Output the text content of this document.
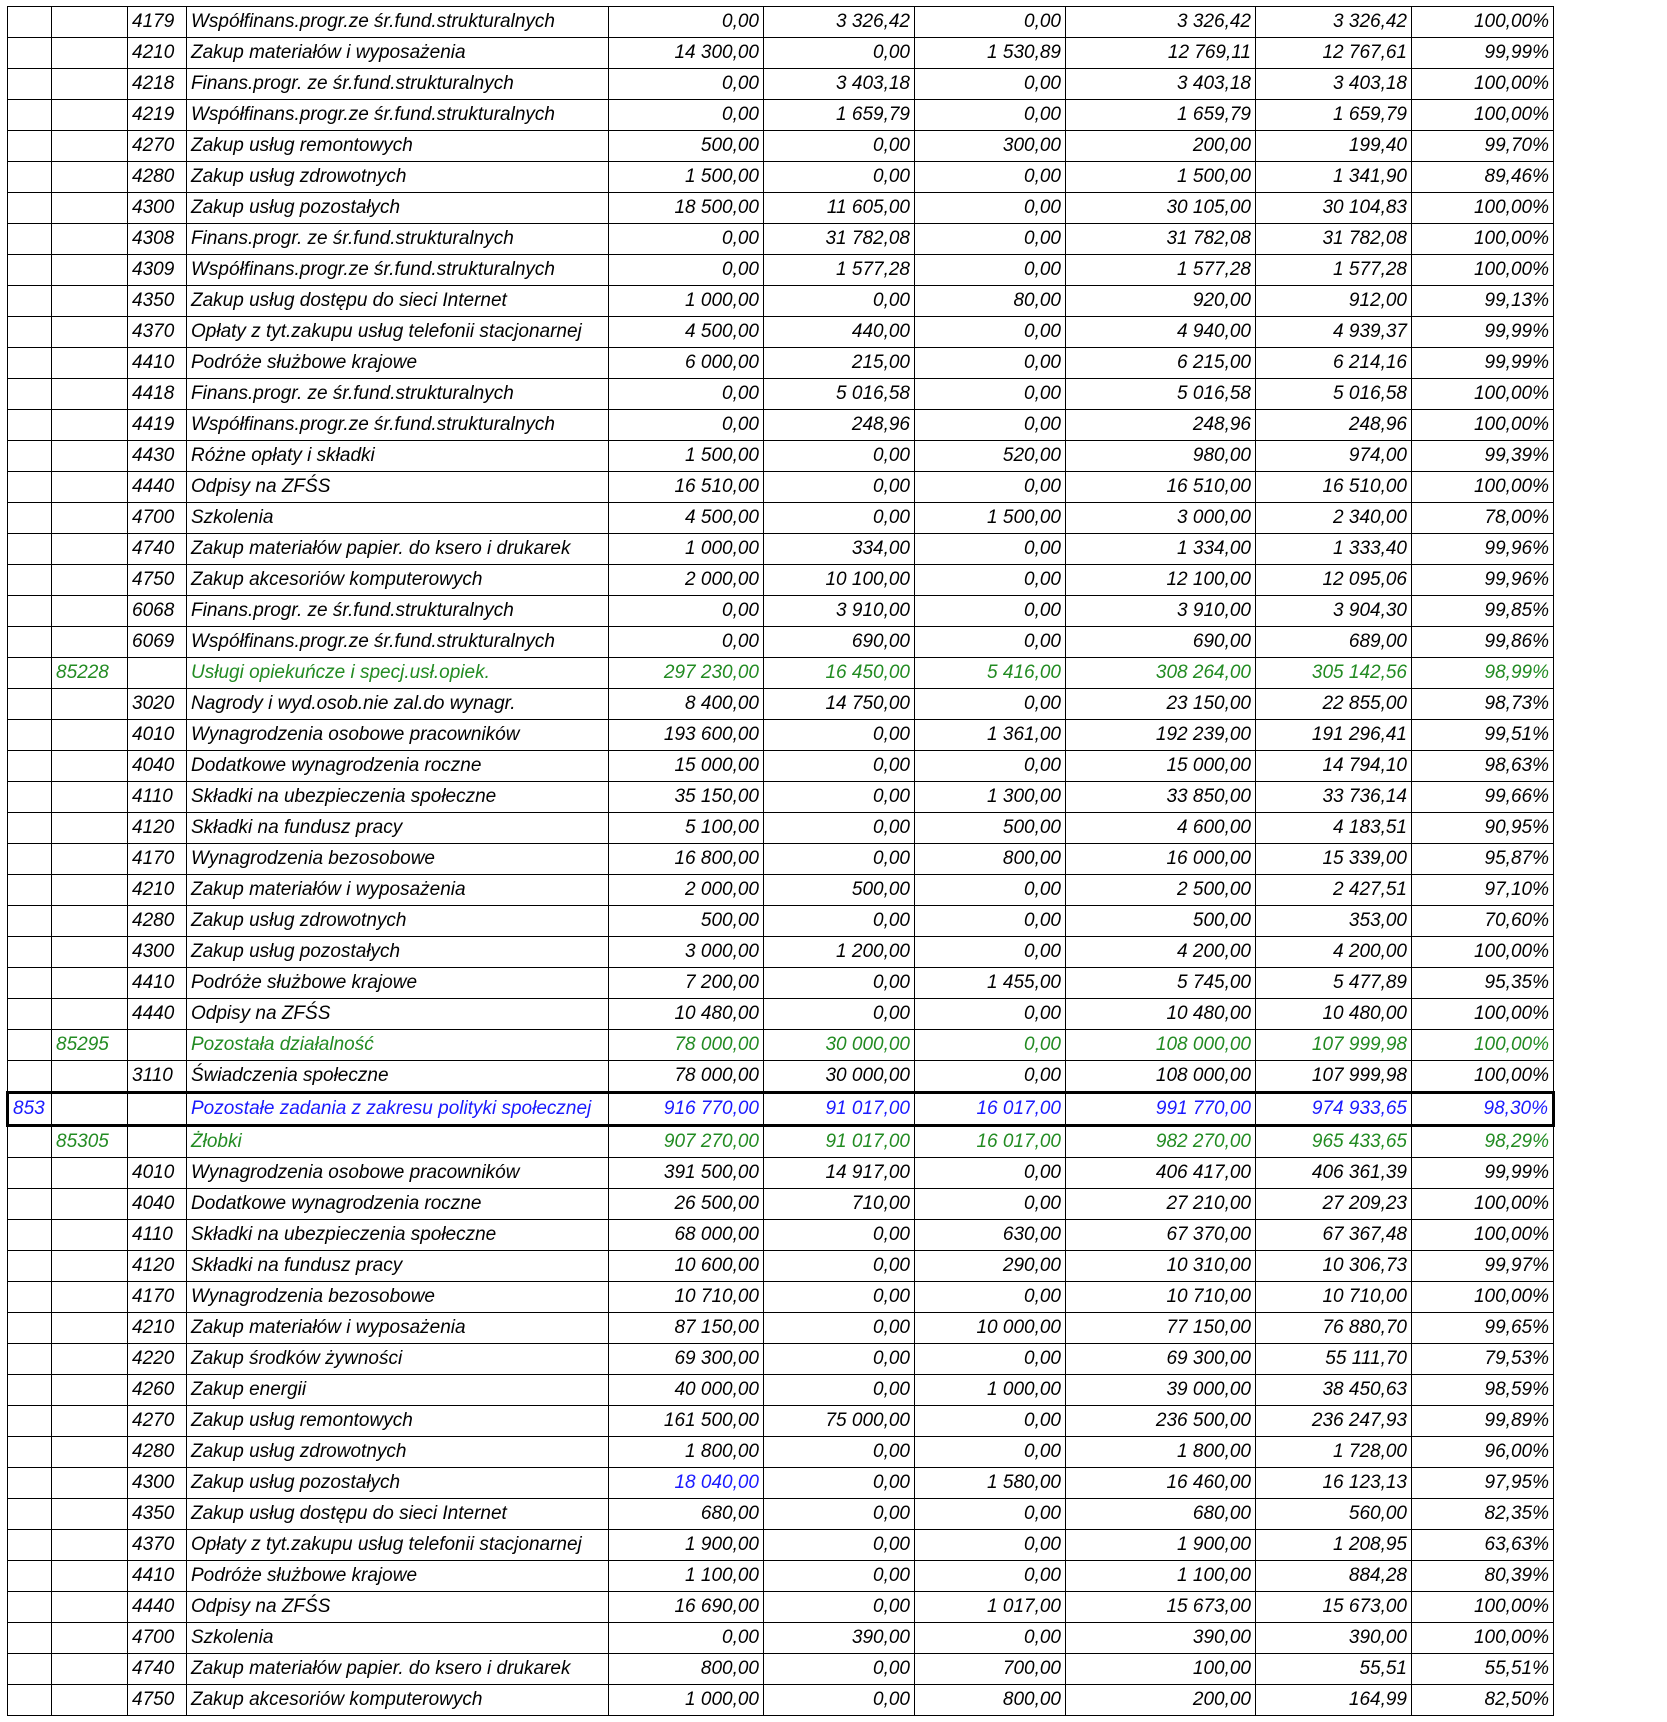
		4179	Współfinans.progr.ze śr.fund.strukturalnych	0,00	3 326,42	0,00	3 326,42	3 326,42	100,00%
		4210	Zakup materiałów i wyposażenia	14 300,00	0,00	1 530,89	12 769,11	12 767,61	99,99%
		4218	Finans.progr. ze śr.fund.strukturalnych	0,00	3 403,18	0,00	3 403,18	3 403,18	100,00%
		4219	Współfinans.progr.ze śr.fund.strukturalnych	0,00	1 659,79	0,00	1 659,79	1 659,79	100,00%
		4270	Zakup usług remontowych	500,00	0,00	300,00	200,00	199,40	99,70%
		4280	Zakup usług zdrowotnych	1 500,00	0,00	0,00	1 500,00	1 341,90	89,46%
		4300	Zakup usług pozostałych	18 500,00	11 605,00	0,00	30 105,00	30 104,83	100,00%
		4308	Finans.progr. ze śr.fund.strukturalnych	0,00	31 782,08	0,00	31 782,08	31 782,08	100,00%
		4309	Współfinans.progr.ze śr.fund.strukturalnych	0,00	1 577,28	0,00	1 577,28	1 577,28	100,00%
		4350	Zakup usług dostępu do sieci Internet	1 000,00	0,00	80,00	920,00	912,00	99,13%
		4370	Opłaty z tyt.zakupu usług telefonii stacjonarnej	4 500,00	440,00	0,00	4 940,00	4 939,37	99,99%
		4410	Podróże służbowe krajowe	6 000,00	215,00	0,00	6 215,00	6 214,16	99,99%
		4418	Finans.progr. ze śr.fund.strukturalnych	0,00	5 016,58	0,00	5 016,58	5 016,58	100,00%
		4419	Współfinans.progr.ze śr.fund.strukturalnych	0,00	248,96	0,00	248,96	248,96	100,00%
		4430	Różne opłaty i składki	1 500,00	0,00	520,00	980,00	974,00	99,39%
		4440	Odpisy na ZFŚS	16 510,00	0,00	0,00	16 510,00	16 510,00	100,00%
		4700	Szkolenia	4 500,00	0,00	1 500,00	3 000,00	2 340,00	78,00%
		4740	Zakup materiałów papier. do ksero i drukarek	1 000,00	334,00	0,00	1 334,00	1 333,40	99,96%
		4750	Zakup akcesoriów komputerowych	2 000,00	10 100,00	0,00	12 100,00	12 095,06	99,96%
		6068	Finans.progr. ze śr.fund.strukturalnych	0,00	3 910,00	0,00	3 910,00	3 904,30	99,85%
		6069	Współfinans.progr.ze śr.fund.strukturalnych	0,00	690,00	0,00	690,00	689,00	99,86%
	85228		Usługi opiekuńcze i specj.usł.opiek.	297 230,00	16 450,00	5 416,00	308 264,00	305 142,56	98,99%
		3020	Nagrody i wyd.osob.nie zal.do wynagr.	8 400,00	14 750,00	0,00	23 150,00	22 855,00	98,73%
		4010	Wynagrodzenia osobowe pracowników	193 600,00	0,00	1 361,00	192 239,00	191 296,41	99,51%
		4040	Dodatkowe wynagrodzenia roczne	15 000,00	0,00	0,00	15 000,00	14 794,10	98,63%
		4110	Składki na ubezpieczenia społeczne	35 150,00	0,00	1 300,00	33 850,00	33 736,14	99,66%
		4120	Składki na fundusz pracy	5 100,00	0,00	500,00	4 600,00	4 183,51	90,95%
		4170	Wynagrodzenia bezosobowe	16 800,00	0,00	800,00	16 000,00	15 339,00	95,87%
		4210	Zakup materiałów i wyposażenia	2 000,00	500,00	0,00	2 500,00	2 427,51	97,10%
		4280	Zakup usług zdrowotnych	500,00	0,00	0,00	500,00	353,00	70,60%
		4300	Zakup usług pozostałych	3 000,00	1 200,00	0,00	4 200,00	4 200,00	100,00%
		4410	Podróże służbowe krajowe	7 200,00	0,00	1 455,00	5 745,00	5 477,89	95,35%
		4440	Odpisy na ZFŚS	10 480,00	0,00	0,00	10 480,00	10 480,00	100,00%
	85295		Pozostała działalność	78 000,00	30 000,00	0,00	108 000,00	107 999,98	100,00%
		3110	Świadczenia społeczne	78 000,00	30 000,00	0,00	108 000,00	107 999,98	100,00%
853			Pozostałe zadania z zakresu polityki społecznej	916 770,00	91 017,00	16 017,00	991 770,00	974 933,65	98,30%
	85305		Żłobki	907 270,00	91 017,00	16 017,00	982 270,00	965 433,65	98,29%
		4010	Wynagrodzenia osobowe pracowników	391 500,00	14 917,00	0,00	406 417,00	406 361,39	99,99%
		4040	Dodatkowe wynagrodzenia roczne	26 500,00	710,00	0,00	27 210,00	27 209,23	100,00%
		4110	Składki na ubezpieczenia społeczne	68 000,00	0,00	630,00	67 370,00	67 367,48	100,00%
		4120	Składki na fundusz pracy	10 600,00	0,00	290,00	10 310,00	10 306,73	99,97%
		4170	Wynagrodzenia bezosobowe	10 710,00	0,00	0,00	10 710,00	10 710,00	100,00%
		4210	Zakup materiałów i wyposażenia	87 150,00	0,00	10 000,00	77 150,00	76 880,70	99,65%
		4220	Zakup środków żywności	69 300,00	0,00	0,00	69 300,00	55 111,70	79,53%
		4260	Zakup energii	40 000,00	0,00	1 000,00	39 000,00	38 450,63	98,59%
		4270	Zakup usług remontowych	161 500,00	75 000,00	0,00	236 500,00	236 247,93	99,89%
		4280	Zakup usług zdrowotnych	1 800,00	0,00	0,00	1 800,00	1 728,00	96,00%
		4300	Zakup usług pozostałych	18 040,00	0,00	1 580,00	16 460,00	16 123,13	97,95%
		4350	Zakup usług dostępu do sieci Internet	680,00	0,00	0,00	680,00	560,00	82,35%
		4370	Opłaty z tyt.zakupu usług telefonii stacjonarnej	1 900,00	0,00	0,00	1 900,00	1 208,95	63,63%
		4410	Podróże służbowe krajowe	1 100,00	0,00	0,00	1 100,00	884,28	80,39%
		4440	Odpisy na ZFŚS	16 690,00	0,00	1 017,00	15 673,00	15 673,00	100,00%
		4700	Szkolenia	0,00	390,00	0,00	390,00	390,00	100,00%
		4740	Zakup materiałów papier. do ksero i drukarek	800,00	0,00	700,00	100,00	55,51	55,51%
		4750	Zakup akcesoriów komputerowych	1 000,00	0,00	800,00	200,00	164,99	82,50%
